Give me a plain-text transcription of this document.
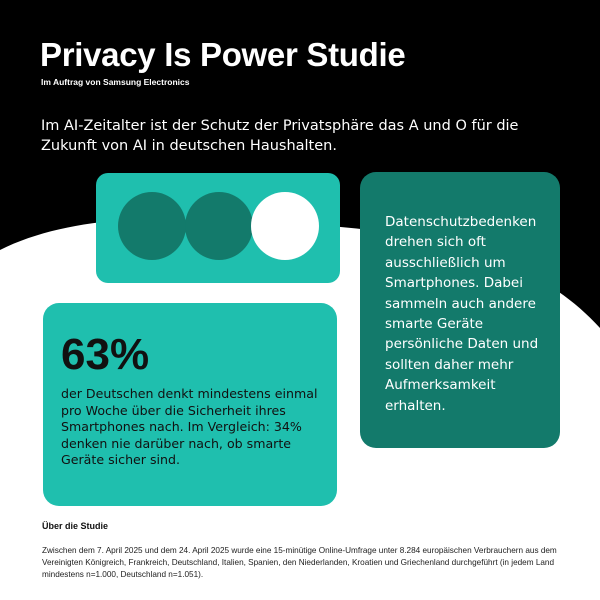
Privacy Is Power Studie
Im Auftrag von Samsung Electronics
Im AI-Zeitalter ist der Schutz der Privatsphäre das A und O für die Zukunft von AI in deutschen Haushalten.
Datenschutzbedenken drehen sich oft ausschließlich um Smartphones. Dabei sammeln auch andere smarte Geräte persönliche Daten und sollten daher mehr Aufmerksamkeit erhalten.
63%
der Deutschen denkt mindestens einmal pro Woche über die Sicherheit ihres Smartphones nach. Im Vergleich: 34% denken nie darüber nach, ob smarte Geräte sicher sind.
Über die Studie
Zwischen dem 7. April 2025 und dem 24. April 2025 wurde eine 15-minütige Online-Umfrage unter 8.284 europäischen Verbrauchern aus dem Vereinigten Königreich, Frankreich, Deutschland, Italien, Spanien, den Niederlanden, Kroatien und Griechenland durchgeführt (in jedem Land mindestens n=1.000, Deutschland n=1.051).
